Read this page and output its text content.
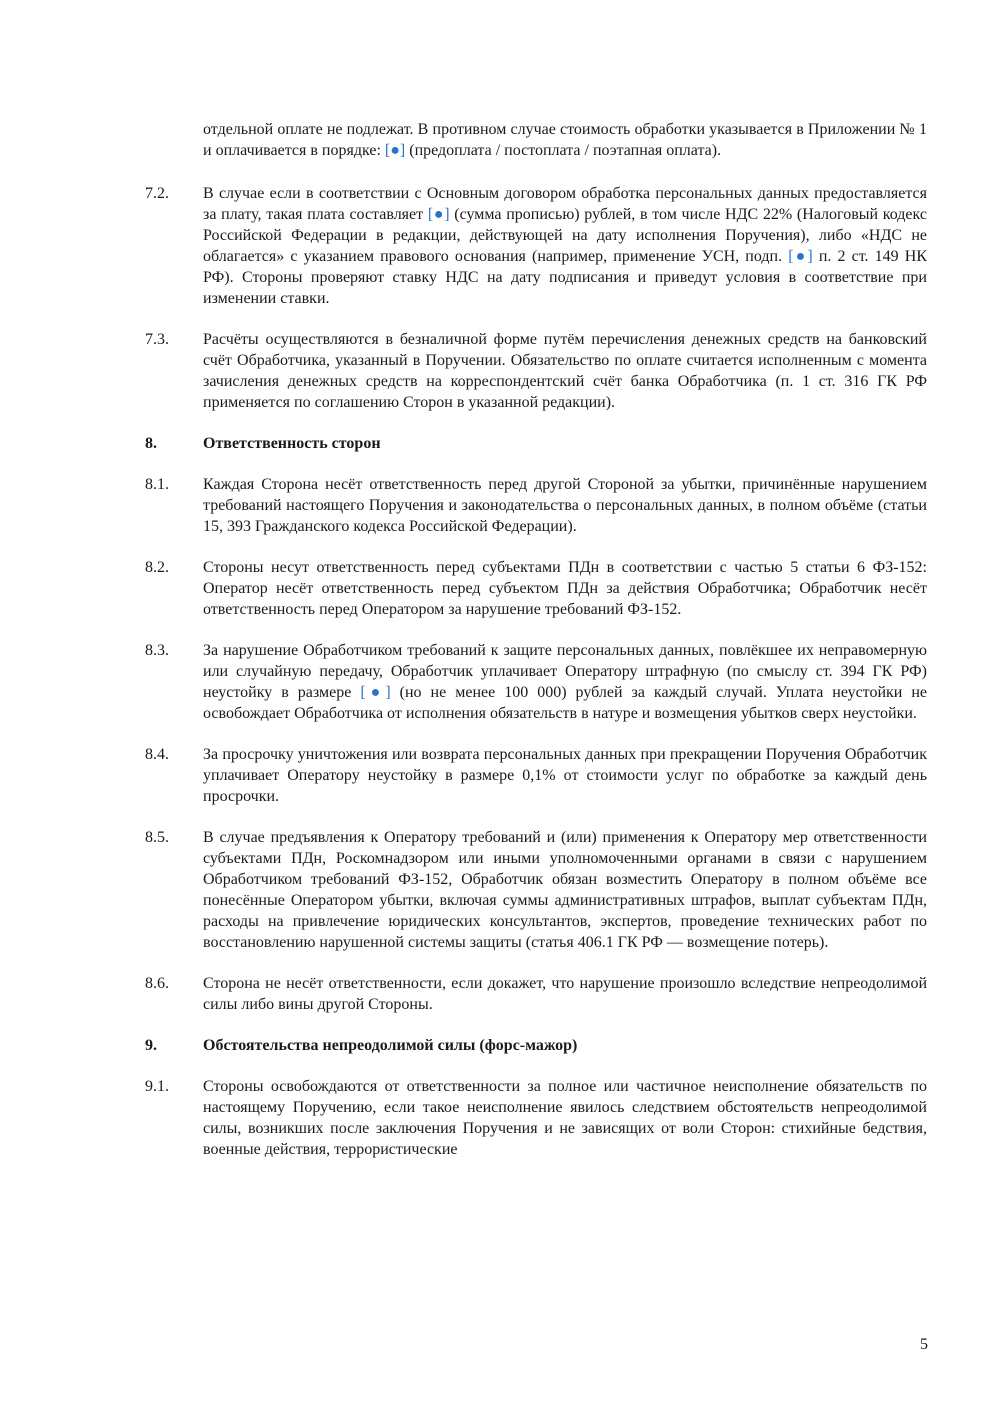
отдельной оплате не подлежат. В противном случае стоимость обработки указывается в Приложении № 1 и оплачивается в порядке: [●] (предоплата / постоплата / поэтапная оплата).
7.2.	В случае если в соответствии с Основным договором обработка персональных данных предоставляется за плату, такая плата составляет [●] (сумма прописью) рублей, в том числе НДС 22% (Налоговый кодекс Российской Федерации в редакции, действующей на дату исполнения Поручения), либо «НДС не облагается» с указанием правового основания (например, применение УСН, подп. [●] п. 2 ст. 149 НК РФ). Стороны проверяют ставку НДС на дату подписания и приведут условия в соответствие при изменении ставки.
7.3.	Расчёты осуществляются в безналичной форме путём перечисления денежных средств на банковский счёт Обработчика, указанный в Поручении. Обязательство по оплате считается исполненным с момента зачисления денежных средств на корреспондентский счёт банка Обработчика (п. 1 ст. 316 ГК РФ применяется по соглашению Сторон в указанной редакции).
8.	Ответственность сторон
8.1.	Каждая Сторона несёт ответственность перед другой Стороной за убытки, причинённые нарушением требований настоящего Поручения и законодательства о персональных данных, в полном объёме (статьи 15, 393 Гражданского кодекса Российской Федерации).
8.2.	Стороны несут ответственность перед субъектами ПДн в соответствии с частью 5 статьи 6 ФЗ-152: Оператор несёт ответственность перед субъектом ПДн за действия Обработчика; Обработчик несёт ответственность перед Оператором за нарушение требований ФЗ-152.
8.3.	За нарушение Обработчиком требований к защите персональных данных, повлёкшее их неправомерную или случайную передачу, Обработчик уплачивает Оператору штрафную (по смыслу ст. 394 ГК РФ) неустойку в размере [●] (но не менее 100 000) рублей за каждый случай. Уплата неустойки не освобождает Обработчика от исполнения обязательств в натуре и возмещения убытков сверх неустойки.
8.4.	За просрочку уничтожения или возврата персональных данных при прекращении Поручения Обработчик уплачивает Оператору неустойку в размере 0,1% от стоимости услуг по обработке за каждый день просрочки.
8.5.	В случае предъявления к Оператору требований и (или) применения к Оператору мер ответственности субъектами ПДн, Роскомнадзором или иными уполномоченными органами в связи с нарушением Обработчиком требований ФЗ-152, Обработчик обязан возместить Оператору в полном объёме все понесённые Оператором убытки, включая суммы административных штрафов, выплат субъектам ПДн, расходы на привлечение юридических консультантов, экспертов, проведение технических работ по восстановлению нарушенной системы защиты (статья 406.1 ГК РФ — возмещение потерь).
8.6.	Сторона не несёт ответственности, если докажет, что нарушение произошло вследствие непреодолимой силы либо вины другой Стороны.
9.	Обстоятельства непреодолимой силы (форс-мажор)
9.1.	Стороны освобождаются от ответственности за полное или частичное неисполнение обязательств по настоящему Поручению, если такое неисполнение явилось следствием обстоятельств непреодолимой силы, возникших после заключения Поручения и не зависящих от воли Сторон: стихийные бедствия, военные действия, террористические
5
